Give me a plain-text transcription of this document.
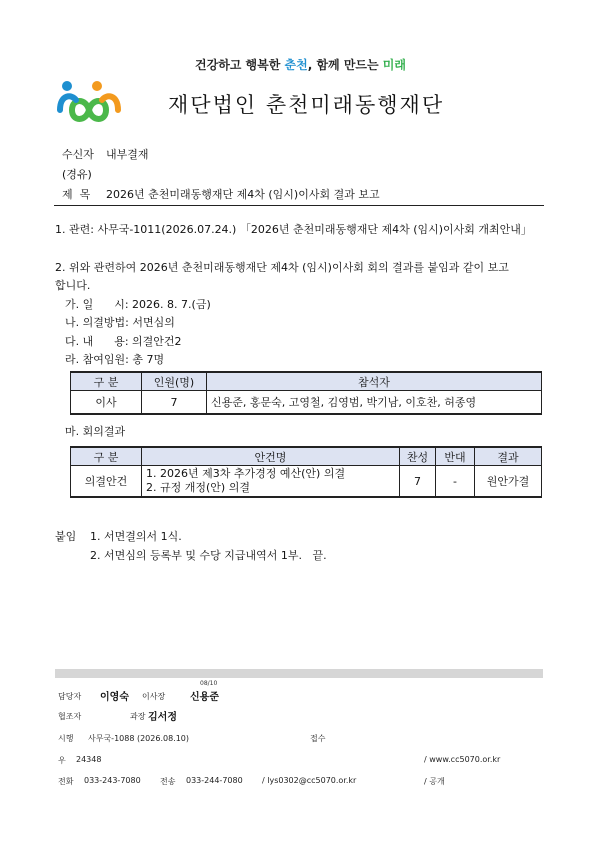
건강하고 행복한 춘천, 함께 만드는 미래
재단법인 춘천미래동행재단
수신자 내부결재
(경유)
제  목 2026년 춘천미래동행재단 제4차 (임시)이사회 결과 보고
1. 관련: 사무국-1011(2026.07.24.) 「2026년 춘천미래동행재단 제4차 (임시)이사회 개최안내」
2. 위와 관련하여 2026년 춘천미래동행재단 제4차 (임시)이사회 회의 결과를 붙임과 같이 보고
합니다.
가. 일      시: 2026. 8. 7.(금)
나. 의결방법: 서면심의
다. 내      용: 의결안건2
라. 참여임원: 총 7명
구 분	인원(명)	참석자
이사	7	신용준, 홍문숙, 고영철, 김영범, 박기남, 이호찬, 허종영
마. 회의결과
구 분	안건명	찬성	반대	결과
의결안건	1. 2026년 제3차 추가경정 예산(안) 의결
2. 규정 개정(안) 의결	7	-	원안가결
붙임 1. 서면결의서 1식.
2. 서면심의 등록부 및 수당 지급내역서 1부.   끝.
08/10
담당자 이영숙 이사장 신용준
협조자	과장 김서정
시행 사무국-1088 (2026.08.10)	접수
우 24348	/ www.cc5070.or.kr
전화 033-243-7080 전송 033-244-7080 / lys0302@cc5070.or.kr	/ 공개
